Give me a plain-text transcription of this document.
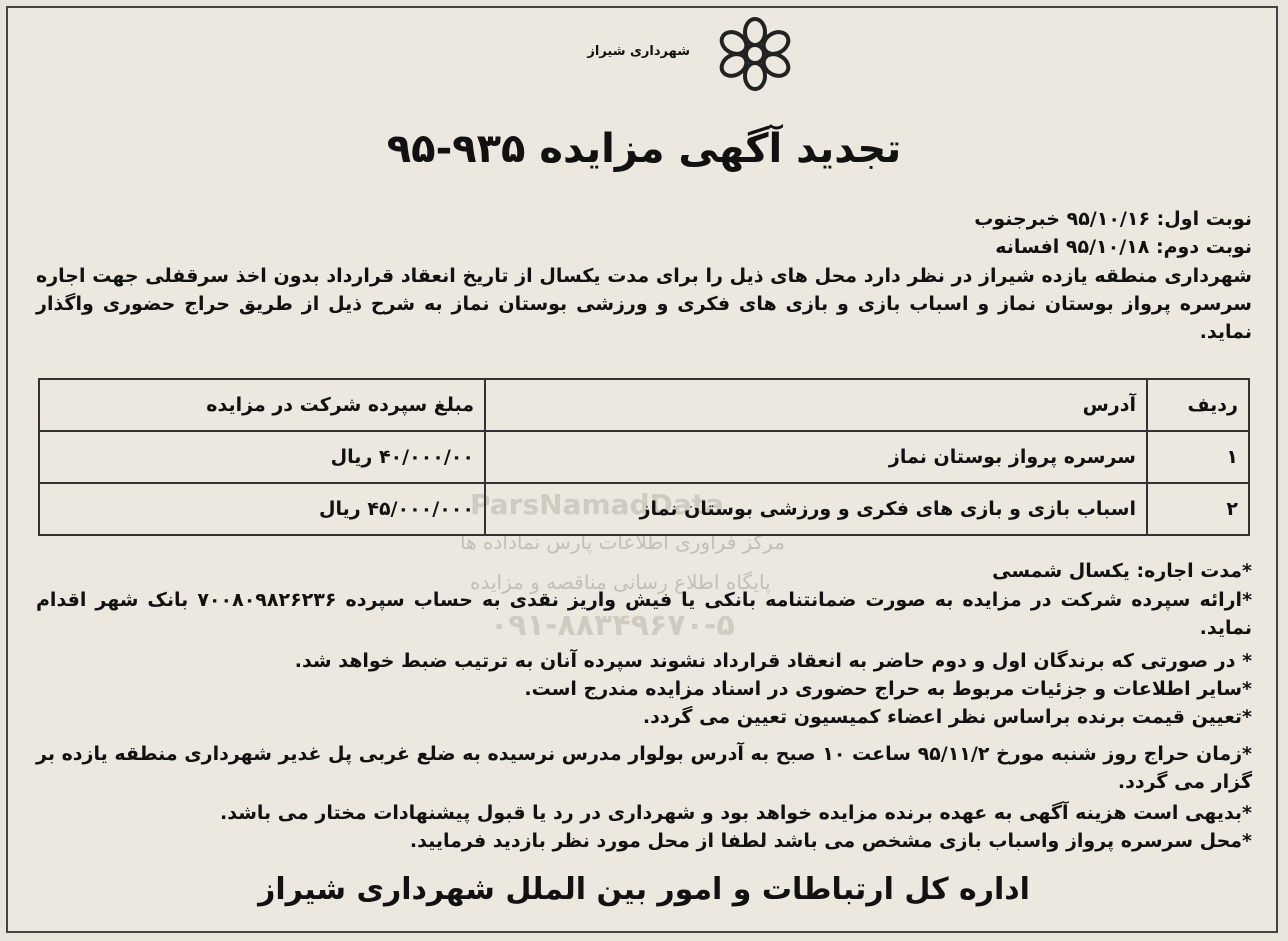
شهرداری شیراز
تجدید آگهی مزایده ۹۳۵-۹۵
ParsNamadData
مرکز فراوری اطلاعات پارس نماداده ها
پایگاه اطلاع رسانی مناقصه و مزایده
۰۹۱-۸۸۳۴۹۶۷۰-۵
نوبت اول: ۹۵/۱۰/۱۶ خبرجنوب
نوبت دوم: ۹۵/۱۰/۱۸ افسانه
شهرداری منطقه یازده شیراز در نظر دارد محل های ذیل را برای مدت یکسال از تاریخ انعقاد قرارداد بدون اخذ سرقفلی جهت اجاره سرسره پرواز بوستان نماز و اسباب بازی و بازی های فکری و ورزشی بوستان نماز به شرح ذیل از طریق حراج حضوری واگذار نماید.
ردیف	آدرس	مبلغ سپرده شرکت در مزایده
۱	سرسره پرواز بوستان نماز	۴۰/۰۰۰/۰۰ ریال
۲	اسباب بازی و بازی های فکری و ورزشی بوستان نماز	۴۵/۰۰۰/۰۰۰ ریال
*مدت اجاره: یکسال شمسی
*ارائه سپرده شرکت در مزایده به صورت ضمانتنامه بانکی یا فیش واریز نقدی به حساب سپرده ۷۰۰۸۰۹۸۲۶۲۳۶ بانک شهر اقدام نماید.
* در صورتی که برندگان اول و دوم حاضر به انعقاد قرارداد نشوند سپرده آنان به ترتیب ضبط خواهد شد.
*سایر اطلاعات و جزئیات مربوط به حراج حضوری در اسناد مزایده مندرج است.
*تعیین قیمت برنده براساس نظر اعضاء کمیسیون تعیین می گردد.
*زمان حراج روز شنبه مورخ ۹۵/۱۱/۲ ساعت ۱۰ صبح به آدرس بولوار مدرس نرسیده به ضلع غربی پل غدیر شهرداری منطقه یازده بر گزار می گردد.
*بدیهی است هزینه آگهی به عهده برنده مزایده خواهد بود و شهرداری در رد یا قبول پیشنهادات مختار می باشد.
*محل سرسره پرواز واسباب بازی مشخص می باشد لطفا از محل مورد نظر بازدید فرمایید.
اداره کل ارتباطات و امور بین الملل شهرداری شیراز
